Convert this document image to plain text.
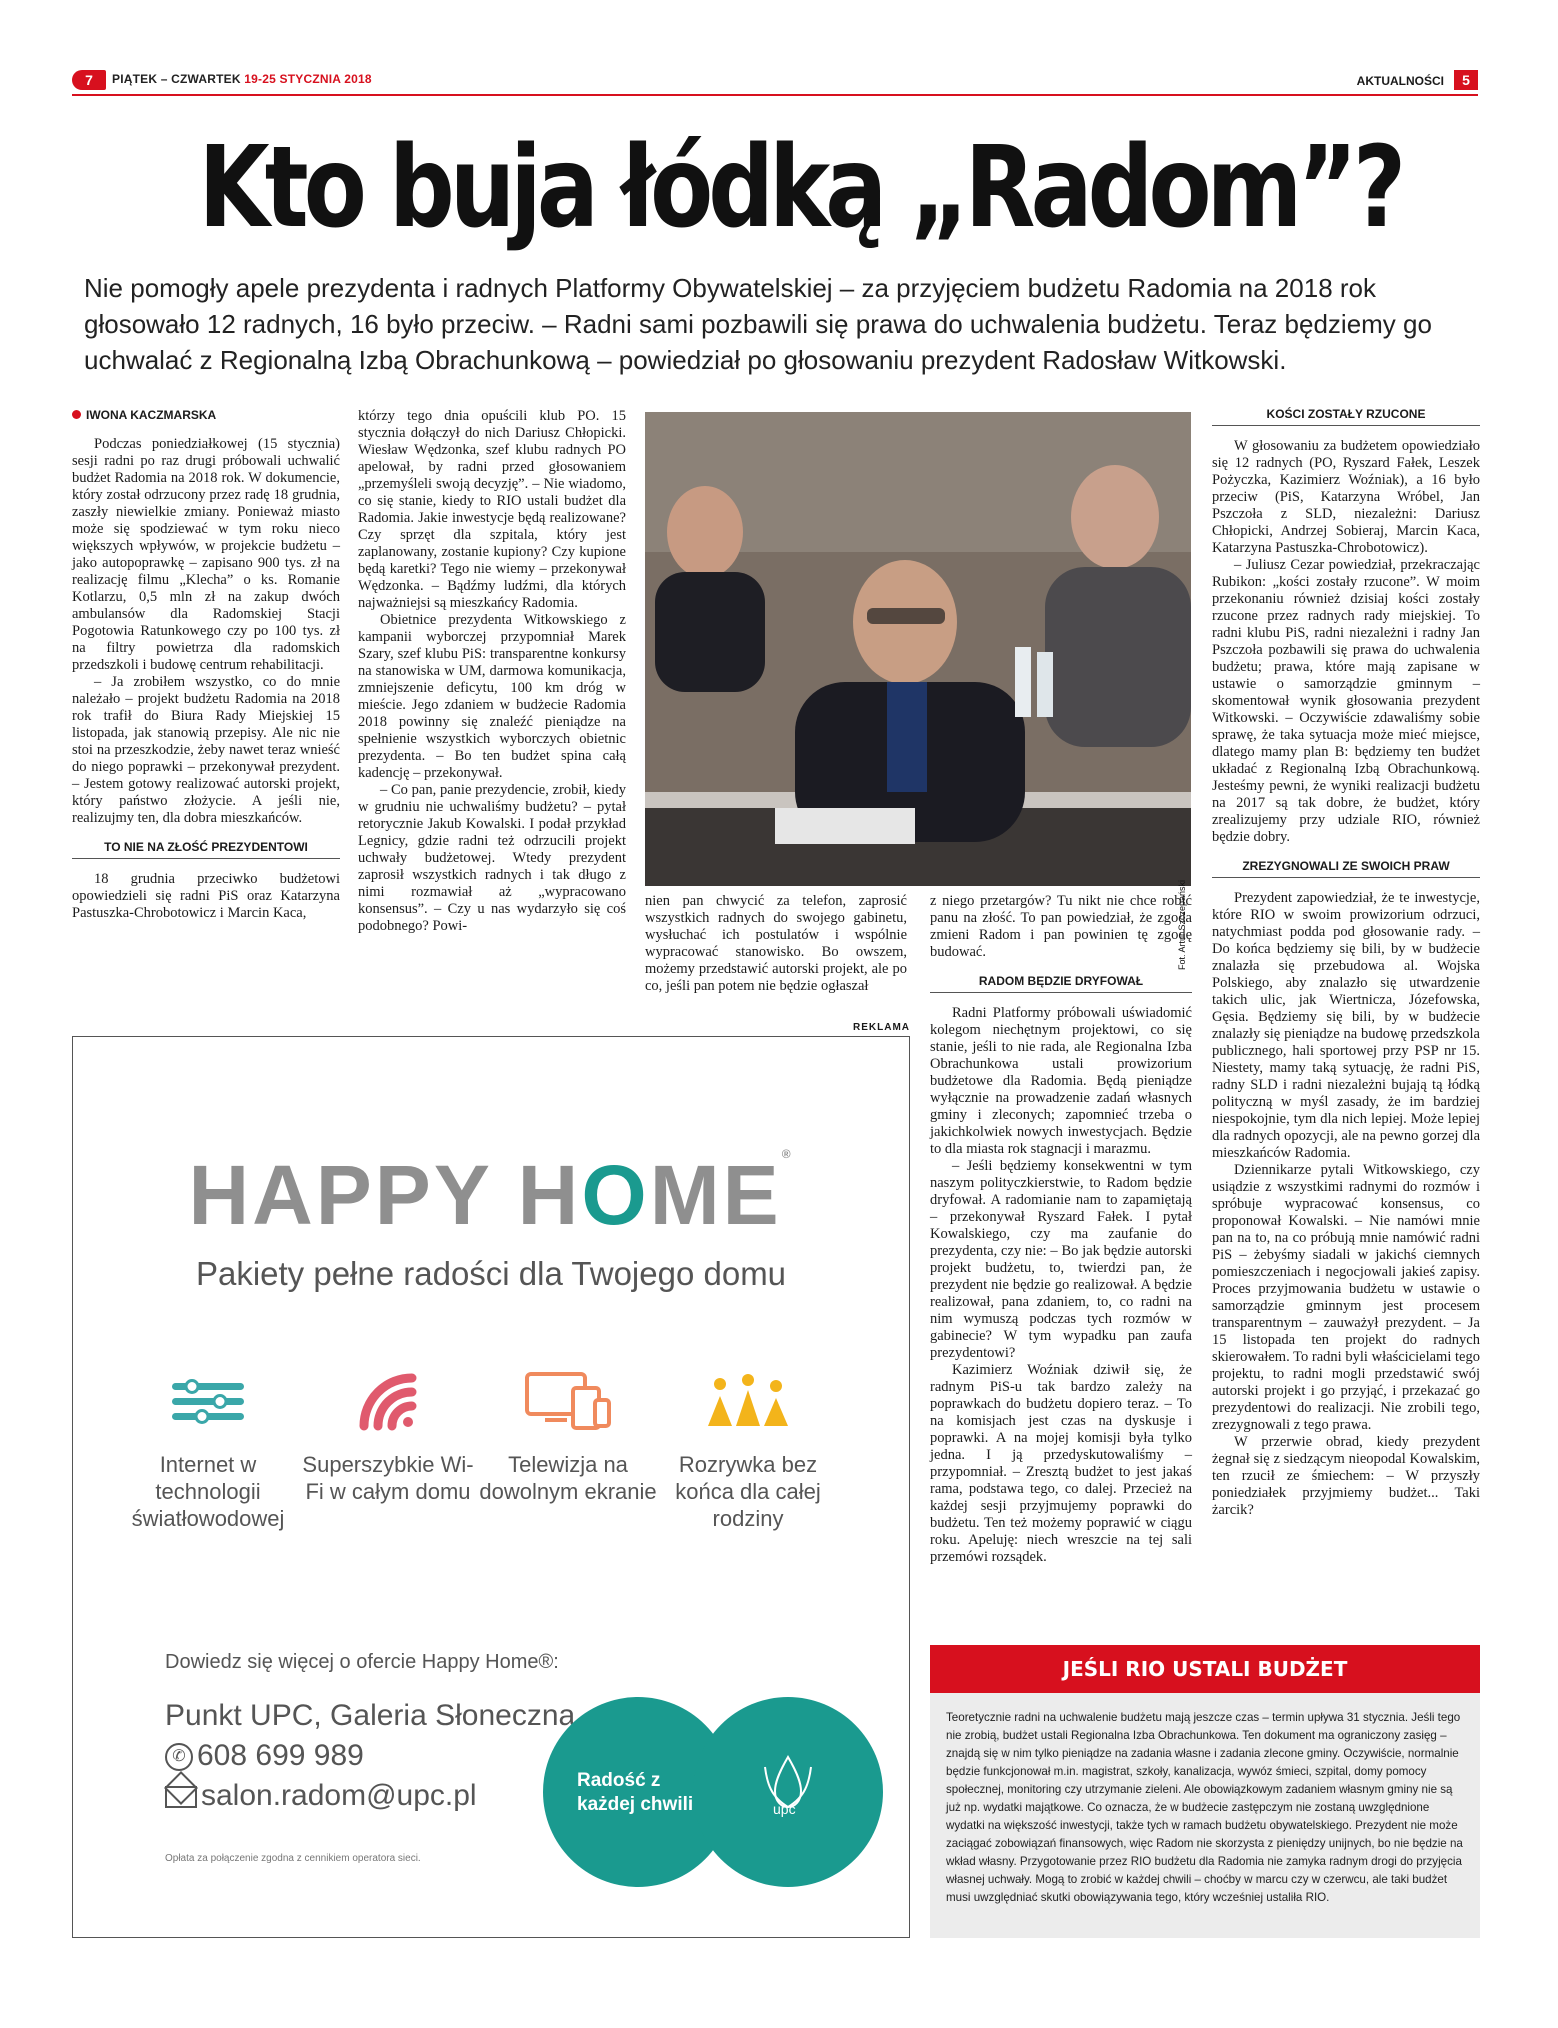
7	PIĄTEK – CZWARTEK 19-25 STYCZNIA 2018	AKTUALNOŚCI	5
Kto buja łódką „Radom”?
Nie pomogły apele prezydenta i radnych Platformy Obywatelskiej – za przyjęciem budżetu Radomia na 2018 rok głosowało 12 radnych, 16 było przeciw. – Radni sami pozbawili się prawa do uchwalenia budżetu. Teraz będziemy go uchwalać z Regionalną Izbą Obrachunkową – powiedział po głosowaniu prezydent Radosław Witkowski.
IWONA KACZMARSKA

Podczas poniedziałkowej (15 stycznia) sesji radni po raz drugi próbowali uchwalić budżet Radomia na 2018 rok. W dokumencie, który został odrzucony przez radę 18 grudnia, zaszły niewielkie zmiany. Ponieważ miasto może się spodziewać w tym roku nieco większych wpływów, w projekcie budżetu – jako autopoprawkę – zapisano 900 tys. zł na realizację filmu „Klecha” o ks. Romanie Kotlarzu, 0,5 mln zł na zakup dwóch ambulansów dla Radomskiej Stacji Pogotowia Ratunkowego czy po 100 tys. zł na filtry powietrza dla radomskich przedszkoli i budowę centrum rehabilitacji.

– Ja zrobiłem wszystko, co do mnie należało – projekt budżetu Radomia na 2018 rok trafił do Biura Rady Miejskiej 15 listopada, jak stanowią przepisy. Ale nic nie stoi na przeszkodzie, żeby nawet teraz wnieść do niego poprawki – przekonywał prezydent. – Jestem gotowy realizować autorski projekt, który państwo złożycie. A jeśli nie, realizujmy ten, dla dobra mieszkańców.

TO NIE NA ZŁOŚĆ PREZYDENTOWI

18 grudnia przeciwko budżetowi opowiedzieli się radni PiS oraz Katarzyna Pastuszka-Chrobotowicz i Marcin Kaca,

którzy tego dnia opuścili klub PO. 15 stycznia dołączył do nich Dariusz Chłopicki. Wiesław Wędzonka, szef klubu radnych PO apelował, by radni przed głosowaniem „przemyśleli swoją decyzję”. – Nie wiadomo, co się stanie, kiedy to RIO ustali budżet dla Radomia. Jakie inwestycje będą realizowane? Czy sprzęt dla szpitala, który jest zaplanowany, zostanie kupiony? Czy kupione będą karetki? Tego nie wiemy – przekonywał Wędzonka. – Bądźmy ludźmi, dla których najważniejsi są mieszkańcy Radomia.

Obietnice prezydenta Witkowskiego z kampanii wyborczej przypomniał Marek Szary, szef klubu PiS: transparentne konkursy na stanowiska w UM, darmowa komunikacja, zmniejszenie deficytu, 100 km dróg w mieście. Jego zdaniem w budżecie Radomia 2018 powinny się znaleźć pieniądze na spełnienie wszystkich wyborczych obietnic prezydenta. – Bo ten budżet spina całą kadencję – przekonywał.

– Co pan, panie prezydencie, zrobił, kiedy w grudniu nie uchwaliśmy budżetu? – pytał retorycznie Jakub Kowalski. I podał przykład Legnicy, gdzie radni też odrzucili projekt uchwały budżetowej. Wtedy prezydent zaprosił wszystkich radnych i tak długo z nimi rozmawiał aż „wypracowano konsensus”. – Czy u nas wydarzyło się coś podobnego? Powi-	Fot. Artur Szczepański

nien pan chwycić za telefon, zaprosić wszystkich radnych do swojego gabinetu, wysłuchać ich postulatów i wspólnie wypracować stanowisko. Bo owszem, możemy przedstawić autorski projekt, ale po co, jeśli pan potem nie będzie ogłaszał

z niego przetargów? Tu nikt nie chce robić panu na złość. To pan powiedział, że zgoda zmieni Radom i pan powinien tę zgodę budować.

RADOM BĘDZIE DRYFOWAŁ

Radni Platformy próbowali uświadomić kolegom niechętnym projektowi, co się stanie, jeśli to nie rada, ale Regionalna Izba Obrachunkowa ustali prowizorium budżetowe dla Radomia. Będą pieniądze wyłącznie na prowadzenie zadań własnych gminy i zleconych; zapomnieć trzeba o jakichkolwiek nowych inwestycjach. Będzie to dla miasta rok stagnacji i marazmu.

– Jeśli będziemy konsekwentni w tym naszym polityczkierstwie, to Radom będzie dryfował. A radomianie nam to zapamiętają – przekonywał Ryszard Fałek. I pytał Kowalskiego, czy ma zaufanie do prezydenta, czy nie: – Bo jak będzie autorski projekt budżetu, to, twierdzi pan, że prezydent nie będzie go realizował. A będzie realizował, pana zdaniem, to, co radni na nim wymuszą podczas tych rozmów w gabinecie? W tym wypadku pan zaufa prezydentowi?

Kazimierz Woźniak dziwił się, że radnym PiS-u tak bardzo zależy na poprawkach do budżetu dopiero teraz. – To na komisjach jest czas na dyskusje i poprawki. A na mojej komisji była tylko jedna. I ją przedyskutowaliśmy – przypomniał. – Zresztą budżet to jest jakaś rama, podstawa tego, co dalej. Przecież na każdej sesji przyjmujemy poprawki do budżetu. Ten też możemy poprawić w ciągu roku. Apeluję: niech wreszcie na tej sali przemówi rozsądek.

KOŚCI ZOSTAŁY RZUCONE

W głosowaniu za budżetem opowiedziało się 12 radnych (PO, Ryszard Fałek, Leszek Pożyczka, Kazimierz Woźniak), a 16 było przeciw (PiS, Katarzyna Wróbel, Jan Pszczoła z SLD, niezależni: Dariusz Chłopicki, Andrzej Sobieraj, Marcin Kaca, Katarzyna Pastuszka-Chrobotowicz).

– Juliusz Cezar powiedział, przekraczając Rubikon: „kości zostały rzucone”. W moim przekonaniu również dzisiaj kości zostały rzucone przez radnych rady miejskiej. To radni klubu PiS, radni niezależni i radny Jan Pszczoła pozbawili się prawa do uchwalenia budżetu; prawa, które mają zapisane w ustawie o samorządzie gminnym – skomentował wynik głosowania prezydent Witkowski. – Oczywiście zdawaliśmy sobie sprawę, że taka sytuacja może mieć miejsce, dlatego mamy plan B: będziemy ten budżet układać z Regionalną Izbą Obrachunkową. Jesteśmy pewni, że wyniki realizacji budżetu na 2017 są tak dobre, że budżet, który zrealizujemy przy udziale RIO, również będzie dobry.

ZREZYGNOWALI ZE SWOICH PRAW

Prezydent zapowiedział, że te inwestycje, które RIO w swoim prowizorium odrzuci, natychmiast podda pod głosowanie rady. – Do końca będziemy się bili, by w budżecie znalazła się przebudowa al. Wojska Polskiego, aby znalazło się utwardzenie takich ulic, jak Wiertnicza, Józefowska, Gęsia. Będziemy się bili, by w budżecie znalazły się pieniądze na budowę przedszkola publicznego, hali sportowej przy PSP nr 15. Niestety, mamy taką sytuację, że radni PiS, radny SLD i radni niezależni bujają tą łódką polityczną w myśl zasady, że im bardziej niespokojnie, tym dla nich lepiej. Może lepiej dla radnych opozycji, ale na pewno gorzej dla mieszkańców Radomia.

Dziennikarze pytali Witkowskiego, czy usiądzie z wszystkimi radnymi do rozmów i spróbuje wypracować konsensus, co proponował Kowalski. – Nie namówi mnie pan na to, na co próbują mnie namówić radni PiS – żebyśmy siadali w jakichś ciemnych pomieszczeniach i negocjowali jakieś zapisy. Proces przyjmowania budżetu w ustawie o samorządzie gminnym jest procesem transparentnym – zauważył prezydent. – Ja 15 listopada ten projekt do radnych skierowałem. To radni byli właścicielami tego projektu, to radni mogli przedstawić swój autorski projekt i go przyjąć, i przekazać go prezydentowi do realizacji. Nie zrobili tego, zrezygnowali z tego prawa.

W przerwie obrad, kiedy prezydent żegnał się z siedzącym nieopodal Kowalskim, ten rzucił ze śmiechem: – W przyszły poniedziałek przyjmiemy budżet... Taki żarcik?

REKLAMA
HAPPY HOME®
Pakiety pełne radości dla Twojego domu
Internet w technologii światłowodowej
Superszybkie Wi-Fi w całym domu
Telewizja na dowolnym ekranie
Rozrywka bez końca dla całej rodziny
Dowiedz się więcej o ofercie Happy Home®:
Punkt UPC, Galeria Słoneczna
✆ 608 699 989
salon.radom@upc.pl
Opłata za połączenie zgodna z cennikiem operatora sieci.
Radość z każdej chwili	upc
JEŚLI RIO USTALI BUDŻET
Teoretycznie radni na uchwalenie budżetu mają jeszcze czas – termin upływa 31 stycznia. Jeśli tego nie zrobią, budżet ustali Regionalna Izba Obrachunkowa. Ten dokument ma ograniczony zasięg – znajdą się w nim tylko pieniądze na zadania własne i zadania zlecone gminy. Oczywiście, normalnie będzie funkcjonował m.in. magistrat, szkoły, kanalizacja, wywóz śmieci, szpital, domy pomocy społecznej, monitoring czy utrzymanie zieleni. Ale obowiązkowym zadaniem własnym gminy nie są już np. wydatki majątkowe. Co oznacza, że w budżecie zastępczym nie zostaną uwzględnione wydatki na większość inwestycji, także tych w ramach budżetu obywatelskiego. Prezydent nie może zaciągać zobowiązań finansowych, więc Radom nie skorzysta z pieniędzy unijnych, bo nie będzie na wkład własny. Przygotowanie przez RIO budżetu dla Radomia nie zamyka radnym drogi do przyjęcia własnej uchwały. Mogą to zrobić w każdej chwili – choćby w marcu czy w czerwcu, ale taki budżet musi uwzględniać skutki obowiązywania tego, który wcześniej ustaliła RIO.
